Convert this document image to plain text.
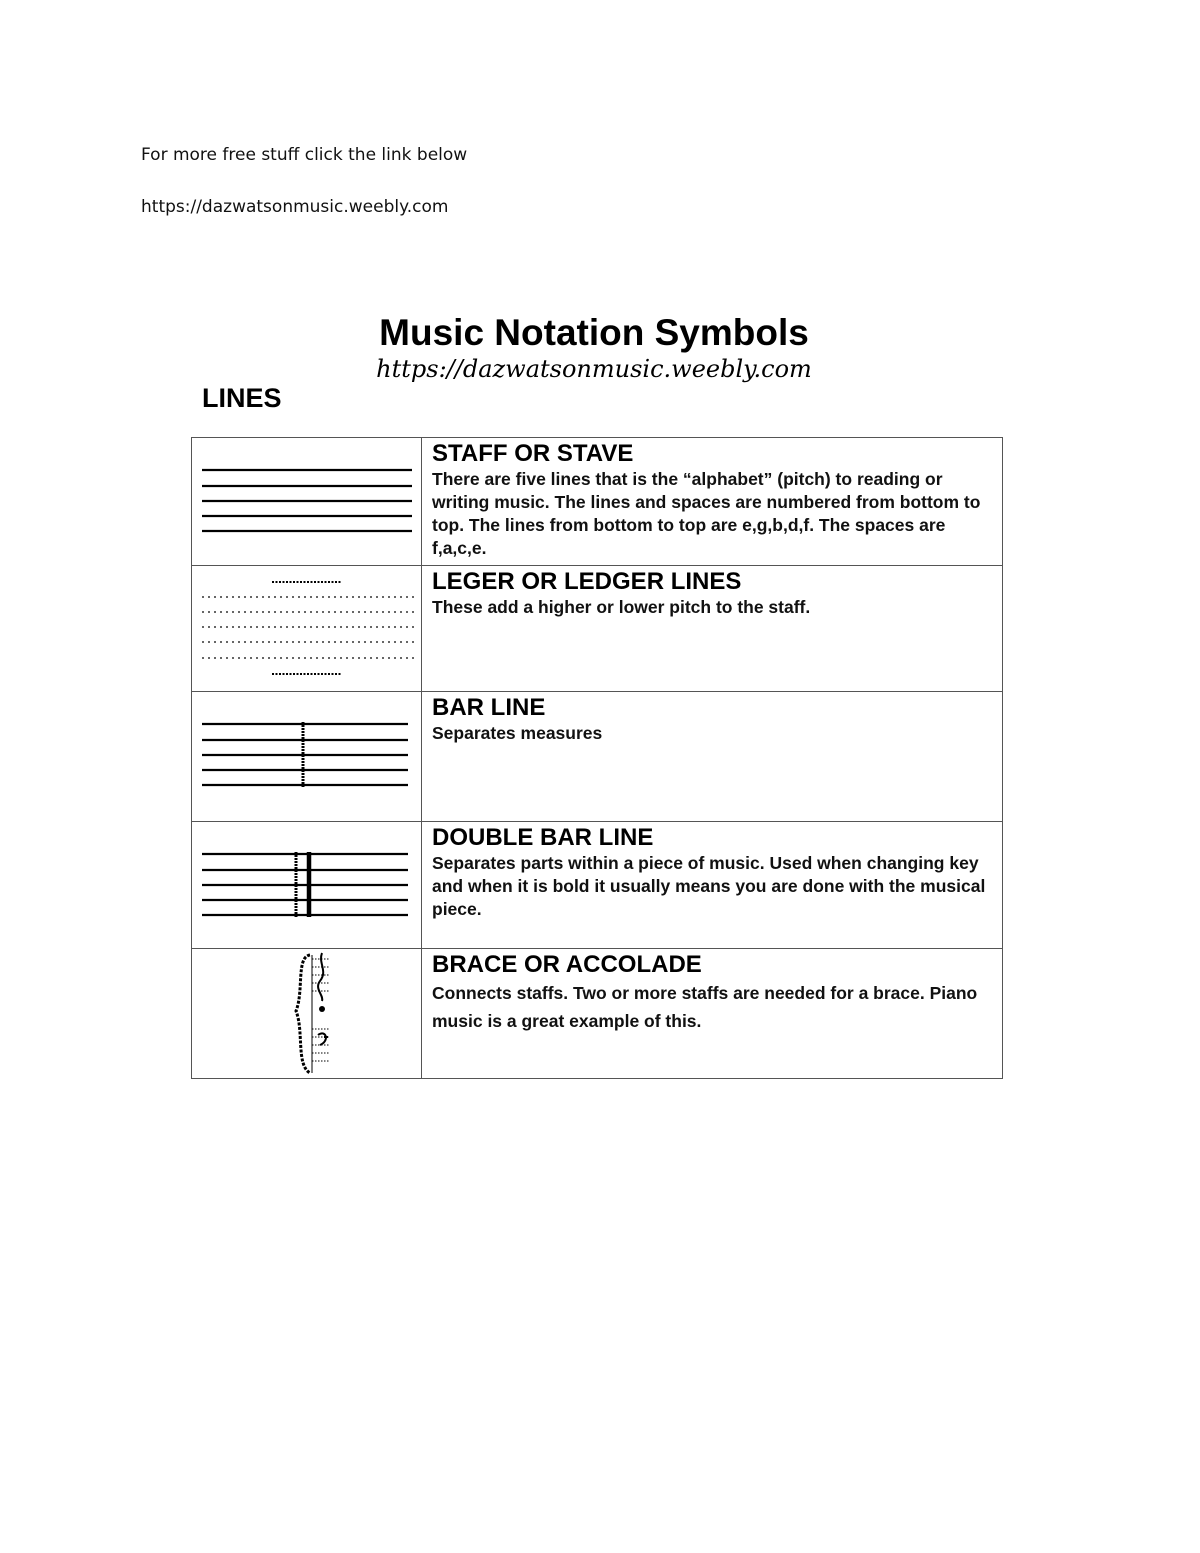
For more free stuff click the link below
https://dazwatsonmusic.weebly.com
Music Notation Symbols
https://dazwatsonmusic.weebly.com
LINES

STAFF OR STAVE
There are five lines that is the “alphabet” (pitch) to reading or writing music. The lines and spaces are numbered from bottom to top. The lines from bottom to top are e,g,b,d,f. The spaces are f,a,c,e.

LEGER OR LEDGER LINES
These add a higher or lower pitch to the staff.

BAR LINE
Separates measures

DOUBLE BAR LINE
Separates parts within a piece of music. Used when changing key and when it is bold it usually means you are done with the musical piece.

BRACE OR ACCOLADE
Connects staffs. Two or more staffs are needed for a brace. Piano music is a great example of this.
